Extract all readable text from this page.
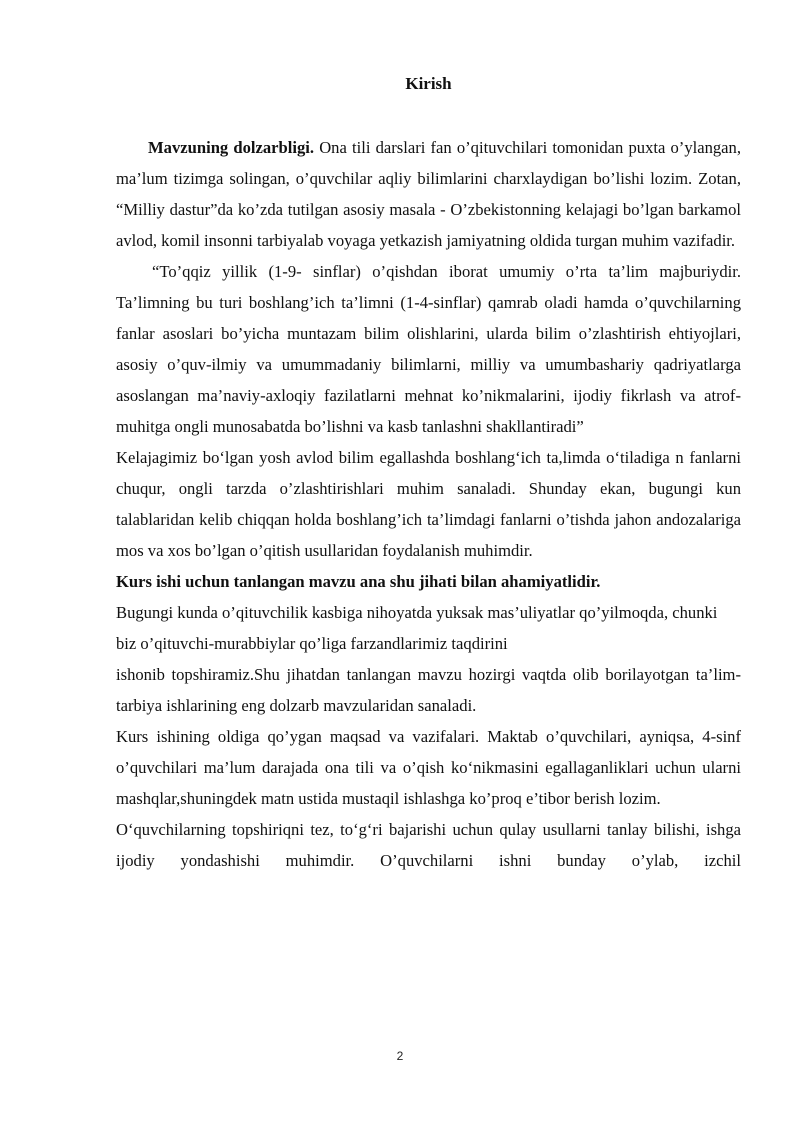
Kirish

Mavzuning dolzarbligi. Ona tili darslari fan o’qituvchilari tomonidan puxta o’ylangan, ma’lum tizimga solingan, o’quvchilar aqliy bilimlarini charxlaydigan bo’lishi lozim. Zotan, “Milliy dastur”da ko’zda tutilgan asosiy masala - O’zbekistonning kelajagi bo’lgan barkamol avlod, komil insonni tarbiyalab voyaga yetkazish jamiyatning oldida turgan muhim vazifadir.

“To’qqiz yillik (1-9- sinflar) o’qishdan iborat umumiy o’rta ta’lim majburiydir. Ta’limning bu turi boshlang’ich ta’limni (1-4-sinflar) qamrab oladi hamda o’quvchilarning fanlar asoslari bo’yicha muntazam bilim olishlarini, ularda bilim o’zlashtirish ehtiyojlari, asosiy o’quv-ilmiy va umummadaniy bilimlarni, milliy va umumbashariy qadriyatlarga asoslangan ma’naviy-axloqiy fazilatlarni mehnat ko’nikmalarini, ijodiy fikrlash va atrof-muhitga ongli munosabatda bo’lishni va kasb tanlashni shakllantiradi”

Kelajagimiz bo‘lgan yosh avlod bilim egallashda boshlang‘ich ta,limda o‘tiladiga n fanlarni chuqur, ongli tarzda o’zlashtirishlari muhim sanaladi. Shunday ekan, bugungi kun talablaridan kelib chiqqan holda boshlang’ich ta’limdagi fanlarni o’tishda jahon andozalariga mos va xos bo’lgan o’qitish usullaridan foydalanish muhimdir.

Kurs ishi uchun tanlangan mavzu ana shu jihati bilan ahamiyatlidir.

Bugungi kunda o’qituvchilik kasbiga nihoyatda yuksak mas’uliyatlar qo’yilmoqda, chunki biz o’qituvchi-murabbiylar qo’liga farzandlarimiz taqdirini

ishonib topshiramiz.Shu jihatdan tanlangan mavzu hozirgi vaqtda olib borilayotgan ta’lim-tarbiya ishlarining eng dolzarb mavzularidan sanaladi.

Kurs ishining oldiga qo’ygan maqsad va vazifalari. Maktab o’quvchilari, ayniqsa, 4-sinf o’quvchilari ma’lum darajada ona tili va o’qish ko‘nikmasini egallaganliklari uchun ularni mashqlar,shuningdek matn ustida mustaqil ishlashga ko’proq e’tibor berish lozim.

O‘quvchilarning topshiriqni tez, to‘g‘ri bajarishi uchun qulay usullarni tanlay bilishi, ishga ijodiy yondashishi muhimdir. O’quvchilarni ishni bunday o’ylab, izchil

2
